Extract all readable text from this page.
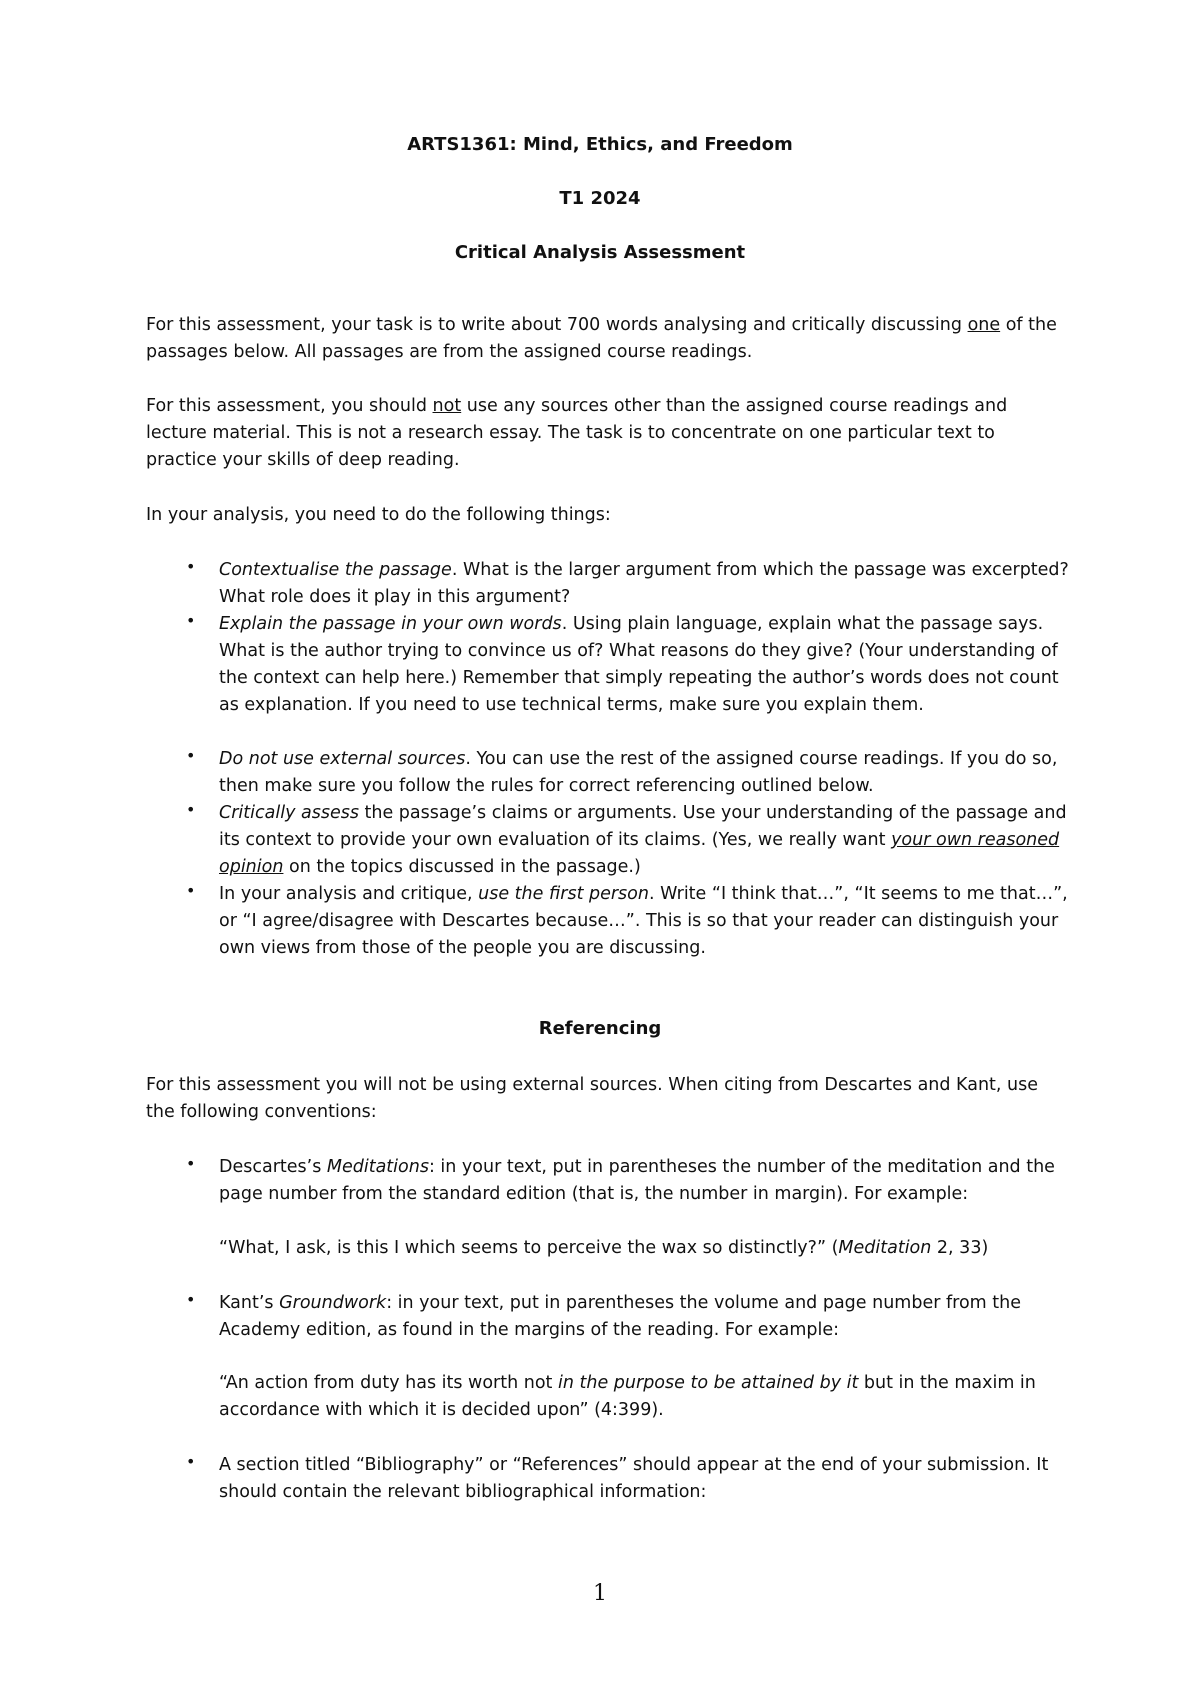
ARTS1361: Mind, Ethics, and Freedom
T1 2024
Critical Analysis Assessment

For this assessment, your task is to write about 700 words analysing and critically discussing one of the passages below. All passages are from the assigned course readings.

For this assessment, you should not use any sources other than the assigned course readings and lecture material. This is not a research essay. The task is to concentrate on one particular text to practice your skills of deep reading.

In your analysis, you need to do the following things:

• Contextualise the passage. What is the larger argument from which the passage was excerpted? What role does it play in this argument?

• Explain the passage in your own words. Using plain language, explain what the passage says. What is the author trying to convince us of? What reasons do they give? (Your understanding of the context can help here.) Remember that simply repeating the author’s words does not count as explanation. If you need to use technical terms, make sure you explain them.

• Do not use external sources. You can use the rest of the assigned course readings. If you do so, then make sure you follow the rules for correct referencing outlined below.

• Critically assess the passage’s claims or arguments. Use your understanding of the passage and its context to provide your own evaluation of its claims. (Yes, we really want your own reasoned opinion on the topics discussed in the passage.)

• In your analysis and critique, use the first person. Write “I think that…”, “It seems to me that…”, or “I agree/disagree with Descartes because…”. This is so that your reader can distinguish your own views from those of the people you are discussing.

Referencing

For this assessment you will not be using external sources. When citing from Descartes and Kant, use the following conventions:

• Descartes’s Meditations: in your text, put in parentheses the number of the meditation and the page number from the standard edition (that is, the number in margin). For example:

“What, I ask, is this I which seems to perceive the wax so distinctly?” (Meditation 2, 33)

• Kant’s Groundwork: in your text, put in parentheses the volume and page number from the Academy edition, as found in the margins of the reading. For example:

“An action from duty has its worth not in the purpose to be attained by it but in the maxim in accordance with which it is decided upon” (4:399).

• A section titled “Bibliography” or “References” should appear at the end of your submission. It should contain the relevant bibliographical information:

1
